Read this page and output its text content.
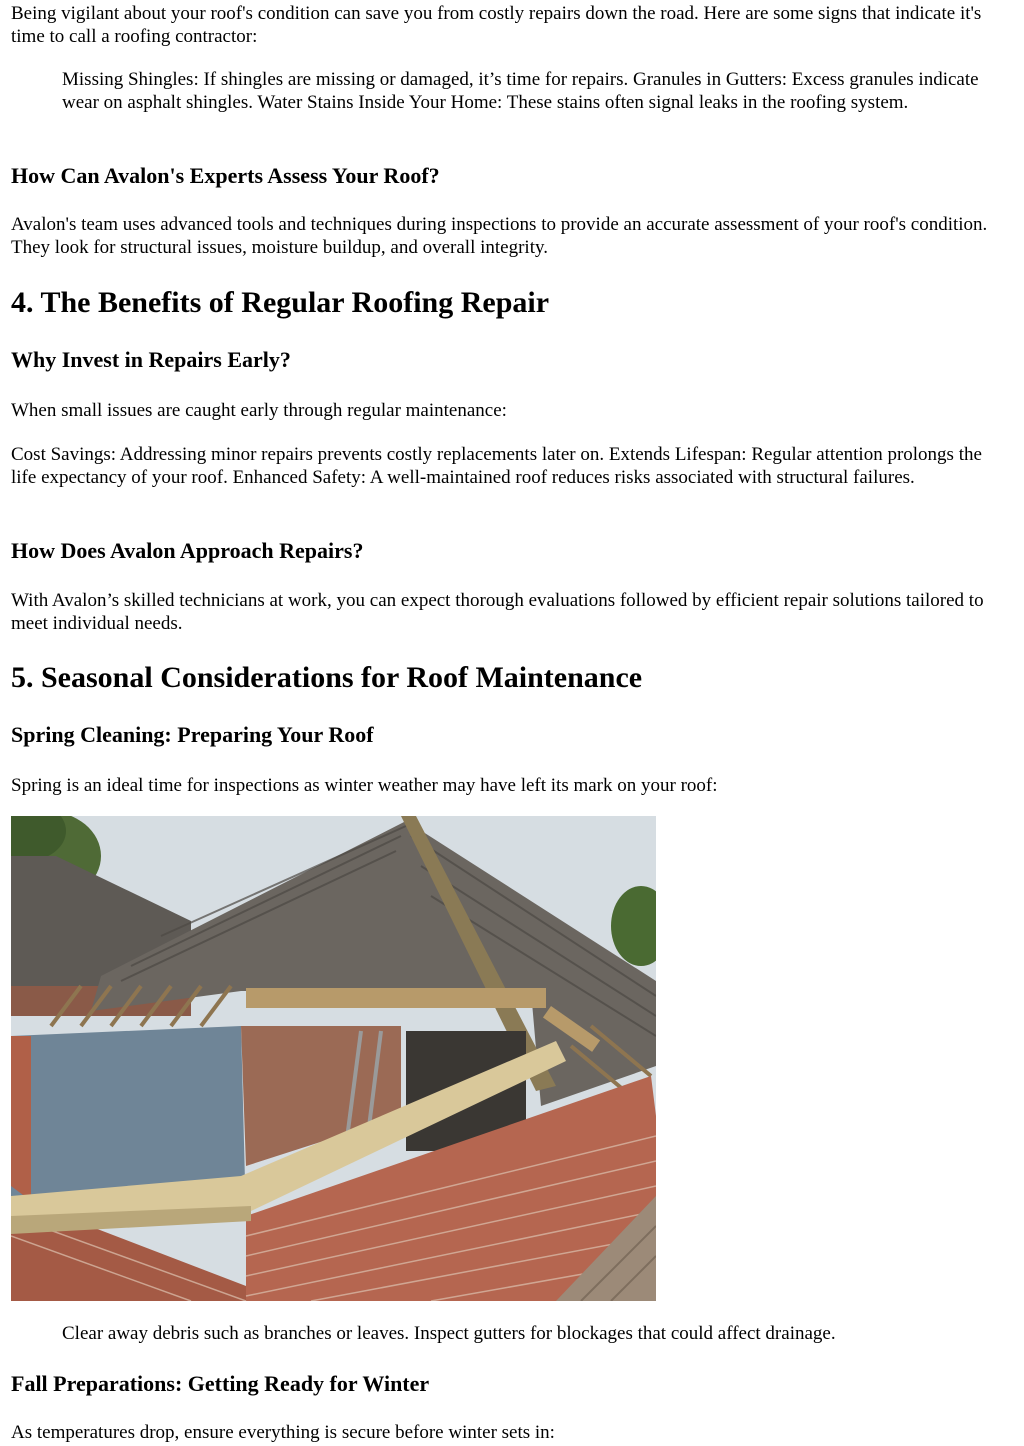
Being vigilant about your roof's condition can save you from costly repairs down the road. Here are some signs that indicate it's time to call a roofing contractor:

Missing Shingles: If shingles are missing or damaged, it’s time for repairs. Granules in Gutters: Excess granules indicate wear on asphalt shingles. Water Stains Inside Your Home: These stains often signal leaks in the roofing system.

How Can Avalon's Experts Assess Your Roof?

Avalon's team uses advanced tools and techniques during inspections to provide an accurate assessment of your roof's condition. They look for structural issues, moisture buildup, and overall integrity.

4. The Benefits of Regular Roofing Repair
Why Invest in Repairs Early?

When small issues are caught early through regular maintenance:

Cost Savings: Addressing minor repairs prevents costly replacements later on. Extends Lifespan: Regular attention prolongs the life expectancy of your roof. Enhanced Safety: A well-maintained roof reduces risks associated with structural failures.

How Does Avalon Approach Repairs?

With Avalon’s skilled technicians at work, you can expect thorough evaluations followed by efficient repair solutions tailored to meet individual needs.

5. Seasonal Considerations for Roof Maintenance
Spring Cleaning: Preparing Your Roof

Spring is an ideal time for inspections as winter weather may have left its mark on your roof:

Clear away debris such as branches or leaves. Inspect gutters for blockages that could affect drainage.

Fall Preparations: Getting Ready for Winter

As temperatures drop, ensure everything is secure before winter sets in:
